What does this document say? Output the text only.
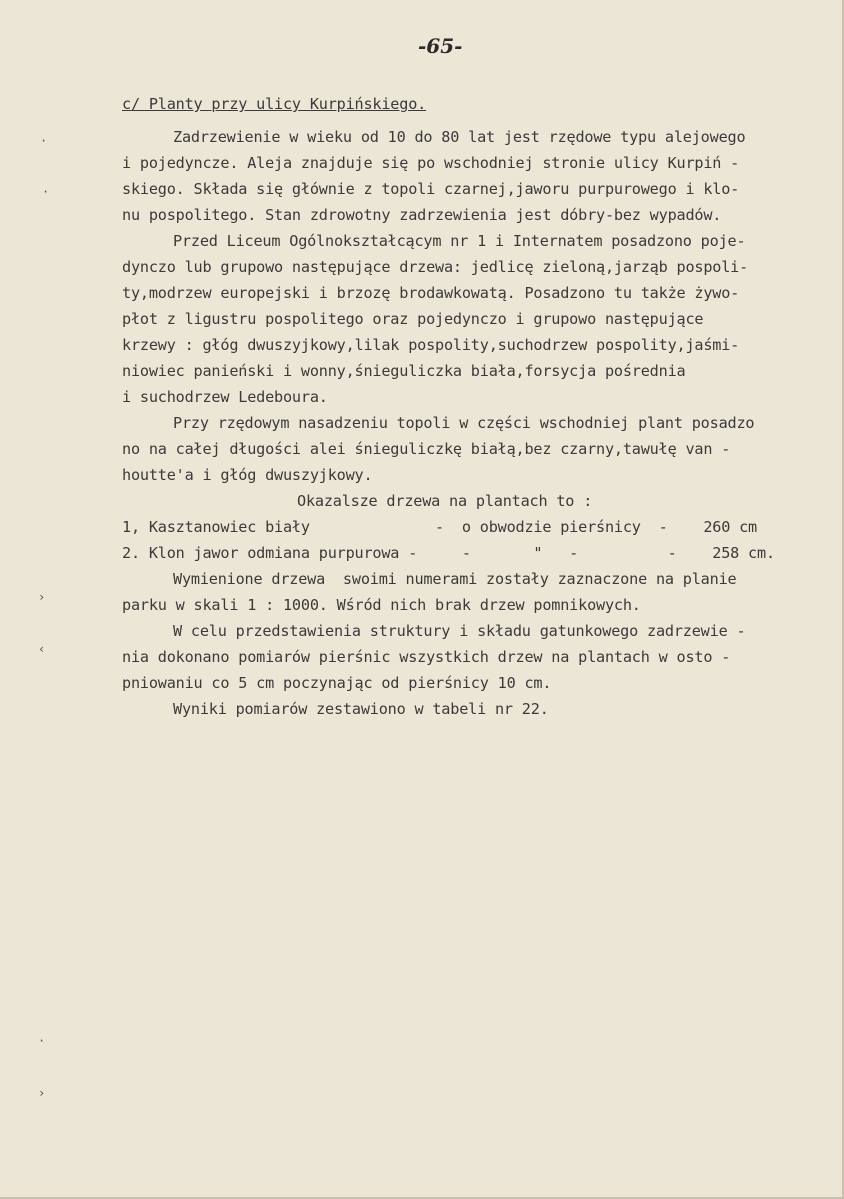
-65-

c/ Planty przy ulicy Kurpińskiego.

Zadrzewienie w wieku od 10 do 80 lat jest rzędowe typu alejowego

i pojedyncze. Aleja znajduje się po wschodniej stronie ulicy Kurpiń -

skiego. Składa się głównie z topoli czarnej,jaworu purpurowego i klo-

nu pospolitego. Stan zdrowotny zadrzewienia jest dóbry-bez wypadów.

Przed Liceum Ogólnokształcącym nr 1 i Internatem posadzono poje-

dynczo lub grupowo następujące drzewa: jedlicę zieloną,jarząb pospoli-

ty,modrzew europejski i brzozę brodawkowatą. Posadzono tu także żywo-

płot z ligustru pospolitego oraz pojedynczo i grupowo następujące

krzewy : głóg dwuszyjkowy,lilak pospolity,suchodrzew pospolity,jaśmi-

niowiec panieński i wonny,śnieguliczka biała,forsycja pośrednia

i suchodrzew Ledeboura.

Przy rzędowym nasadzeniu topoli w części wschodniej plant posadzo

no na całej długości alei śnieguliczkę białą,bez czarny,tawułę van -

houtte'a i głóg dwuszyjkowy.

Okazalsze drzewa na plantach to :

1, Kasztanowiec biały              -  o obwodzie pierśnicy  -    260 cm

2. Klon jawor odmiana purpurowa -     -       "   -          -    258 cm.

Wymienione drzewa  swoimi numerami zostały zaznaczone na planie

parku w skali 1 : 1000. Wśród nich brak drzew pomnikowych.

W celu przedstawienia struktury i składu gatunkowego zadrzewie -

nia dokonano pomiarów pierśnic wszystkich drzew na plantach w osto -

pniowaniu co 5 cm poczynając od pierśnicy 10 cm.

Wyniki pomiarów zestawiono w tabeli nr 22.

·
·
›
‹
·
›
